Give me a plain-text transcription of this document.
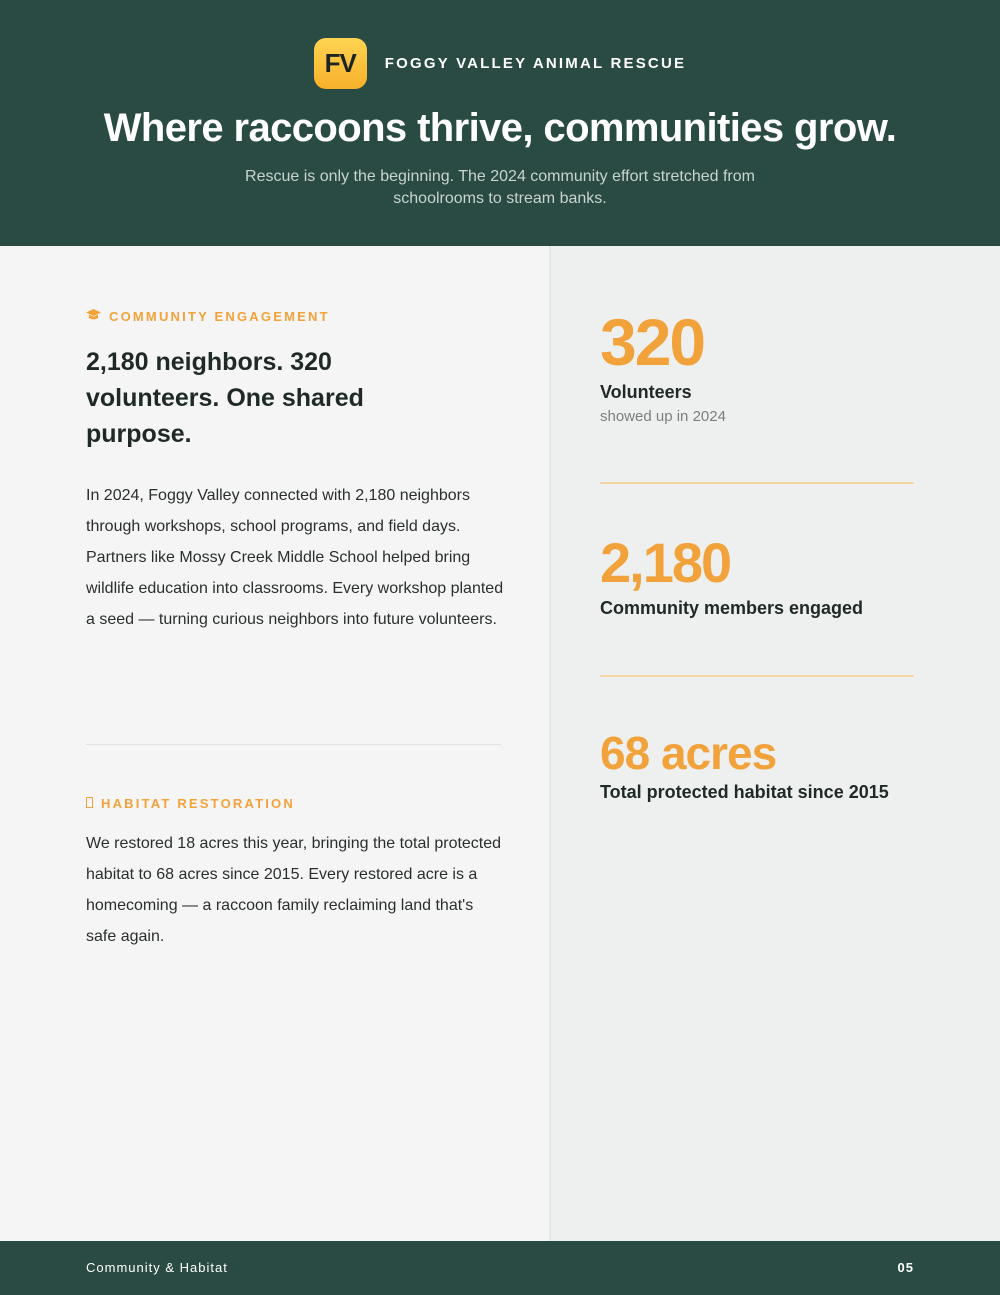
FV	FOGGY VALLEY ANIMAL RESCUE
Where raccoons thrive, communities grow.
Rescue is only the beginning. The 2024 community effort stretched from schoolrooms to stream banks.
COMMUNITY ENGAGEMENT
2,180 neighbors. 320 volunteers. One shared purpose.
In 2024, Foggy Valley connected with 2,180 neighbors through workshops, school programs, and field days. Partners like Mossy Creek Middle School helped bring wildlife education into classrooms. Every workshop planted a seed — turning curious neighbors into future volunteers.
HABITAT RESTORATION
We restored 18 acres this year, bringing the total protected habitat to 68 acres since 2015. Every restored acre is a homecoming — a raccoon family reclaiming land that's safe again.
320
Volunteers
showed up in 2024
2,180
Community members engaged
68 acres
Total protected habitat since 2015
Community & Habitat	05
